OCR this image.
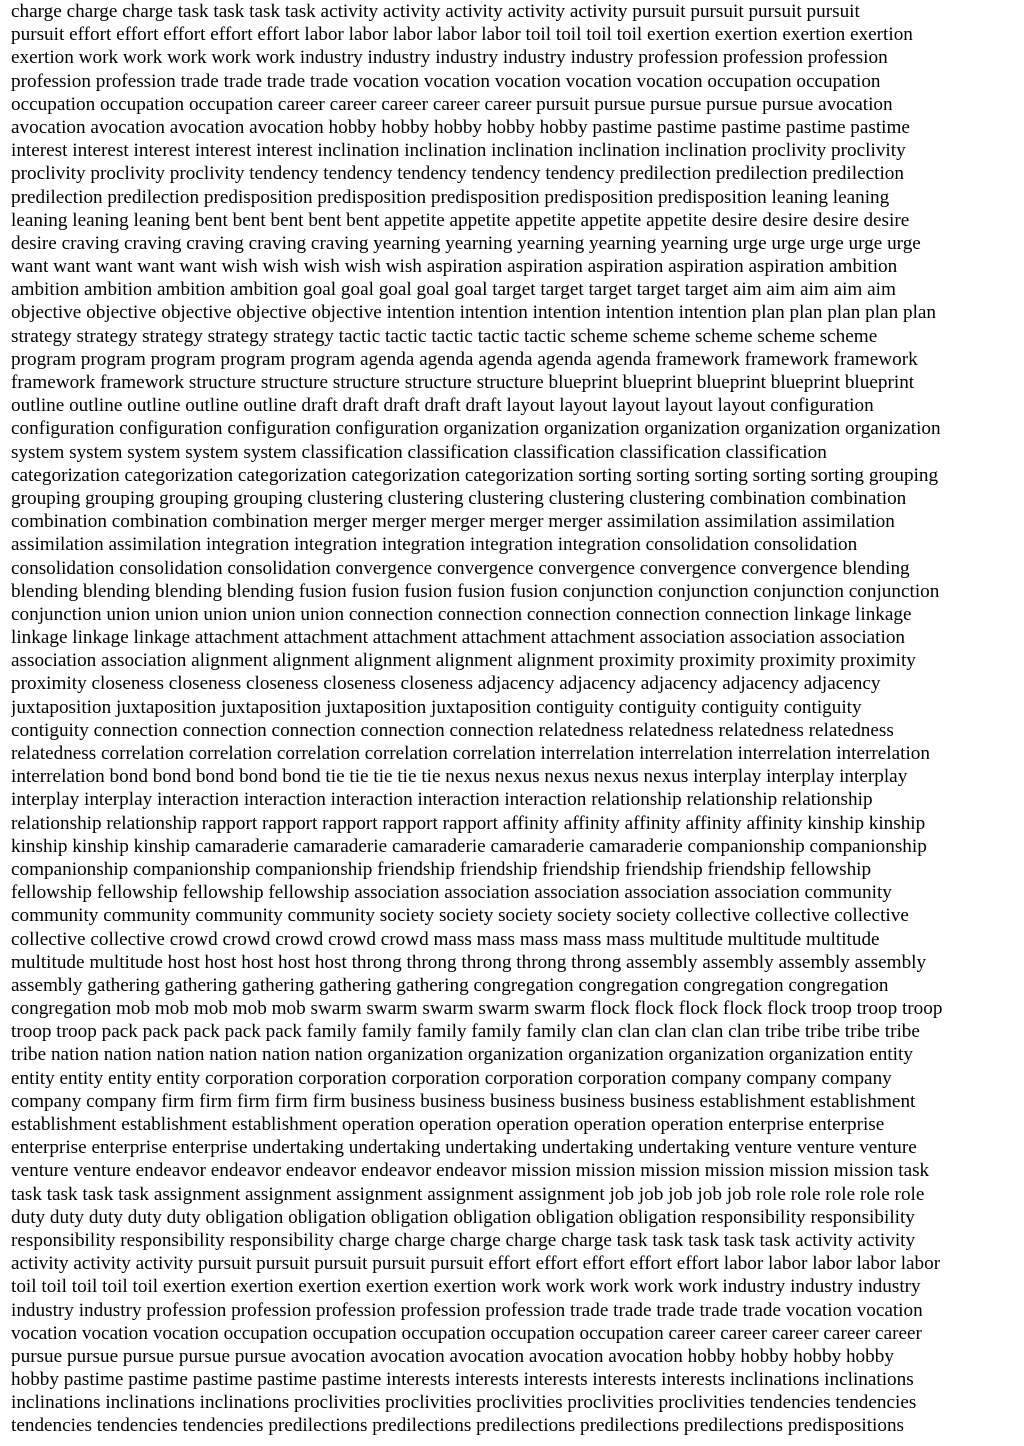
charge charge charge task task task task activity activity activity activity activity pursuit pursuit pursuit pursuit
pursuit effort effort effort effort effort labor labor labor labor labor toil toil toil toil exertion exertion exertion exertion
exertion work work work work work industry industry industry industry industry profession profession profession
profession profession trade trade trade trade vocation vocation vocation vocation vocation occupation occupation
occupation occupation occupation career career career career career pursuit pursue pursue pursue pursue avocation
avocation avocation avocation avocation hobby hobby hobby hobby hobby pastime pastime pastime pastime pastime
interest interest interest interest interest inclination inclination inclination inclination inclination proclivity proclivity
proclivity proclivity proclivity tendency tendency tendency tendency tendency predilection predilection predilection
predilection predilection predisposition predisposition predisposition predisposition predisposition leaning leaning
leaning leaning leaning bent bent bent bent bent appetite appetite appetite appetite appetite desire desire desire desire
desire craving craving craving craving craving yearning yearning yearning yearning yearning urge urge urge urge urge
want want want want want wish wish wish wish wish aspiration aspiration aspiration aspiration aspiration ambition
ambition ambition ambition ambition goal goal goal goal goal target target target target target aim aim aim aim aim
objective objective objective objective objective intention intention intention intention intention plan plan plan plan plan
strategy strategy strategy strategy strategy tactic tactic tactic tactic tactic scheme scheme scheme scheme scheme
program program program program program agenda agenda agenda agenda agenda framework framework framework
framework framework structure structure structure structure structure blueprint blueprint blueprint blueprint blueprint
outline outline outline outline outline draft draft draft draft draft layout layout layout layout layout configuration
configuration configuration configuration configuration organization organization organization organization organization
system system system system system classification classification classification classification classification
categorization categorization categorization categorization categorization sorting sorting sorting sorting sorting grouping
grouping grouping grouping grouping clustering clustering clustering clustering clustering combination combination
combination combination combination merger merger merger merger merger assimilation assimilation assimilation
assimilation assimilation integration integration integration integration integration consolidation consolidation
consolidation consolidation consolidation convergence convergence convergence convergence convergence blending
blending blending blending blending fusion fusion fusion fusion fusion conjunction conjunction conjunction conjunction
conjunction union union union union union connection connection connection connection connection linkage linkage
linkage linkage linkage attachment attachment attachment attachment attachment association association association
association association alignment alignment alignment alignment alignment proximity proximity proximity proximity
proximity closeness closeness closeness closeness closeness adjacency adjacency adjacency adjacency adjacency
juxtaposition juxtaposition juxtaposition juxtaposition juxtaposition contiguity contiguity contiguity contiguity
contiguity connection connection connection connection connection relatedness relatedness relatedness relatedness
relatedness correlation correlation correlation correlation correlation interrelation interrelation interrelation interrelation
interrelation bond bond bond bond bond tie tie tie tie tie nexus nexus nexus nexus nexus interplay interplay interplay
interplay interplay interaction interaction interaction interaction interaction relationship relationship relationship
relationship relationship rapport rapport rapport rapport rapport affinity affinity affinity affinity affinity kinship kinship
kinship kinship kinship camaraderie camaraderie camaraderie camaraderie camaraderie companionship companionship
companionship companionship companionship friendship friendship friendship friendship friendship fellowship
fellowship fellowship fellowship fellowship association association association association association community
community community community community society society society society society collective collective collective
collective collective crowd crowd crowd crowd crowd mass mass mass mass mass multitude multitude multitude
multitude multitude host host host host host throng throng throng throng throng assembly assembly assembly assembly
assembly gathering gathering gathering gathering gathering congregation congregation congregation congregation
congregation mob mob mob mob mob swarm swarm swarm swarm swarm flock flock flock flock flock troop troop troop
troop troop pack pack pack pack pack family family family family family clan clan clan clan clan tribe tribe tribe tribe
tribe nation nation nation nation nation nation organization organization organization organization organization entity
entity entity entity entity corporation corporation corporation corporation corporation company company company
company company firm firm firm firm firm business business business business business establishment establishment
establishment establishment establishment operation operation operation operation operation enterprise enterprise
enterprise enterprise enterprise undertaking undertaking undertaking undertaking undertaking venture venture venture
venture venture endeavor endeavor endeavor endeavor endeavor mission mission mission mission mission mission task
task task task task assignment assignment assignment assignment assignment job job job job job role role role role role
duty duty duty duty duty obligation obligation obligation obligation obligation obligation responsibility responsibility
responsibility responsibility responsibility charge charge charge charge charge task task task task task activity activity
activity activity activity pursuit pursuit pursuit pursuit pursuit effort effort effort effort effort labor labor labor labor labor
toil toil toil toil toil exertion exertion exertion exertion exertion work work work work work industry industry industry
industry industry profession profession profession profession profession trade trade trade trade trade vocation vocation
vocation vocation vocation occupation occupation occupation occupation occupation career career career career career
pursue pursue pursue pursue pursue avocation avocation avocation avocation avocation hobby hobby hobby hobby
hobby pastime pastime pastime pastime pastime interests interests interests interests interests inclinations inclinations
inclinations inclinations inclinations proclivities proclivities proclivities proclivities proclivities tendencies tendencies
tendencies tendencies tendencies predilections predilections predilections predilections predilections predispositions
